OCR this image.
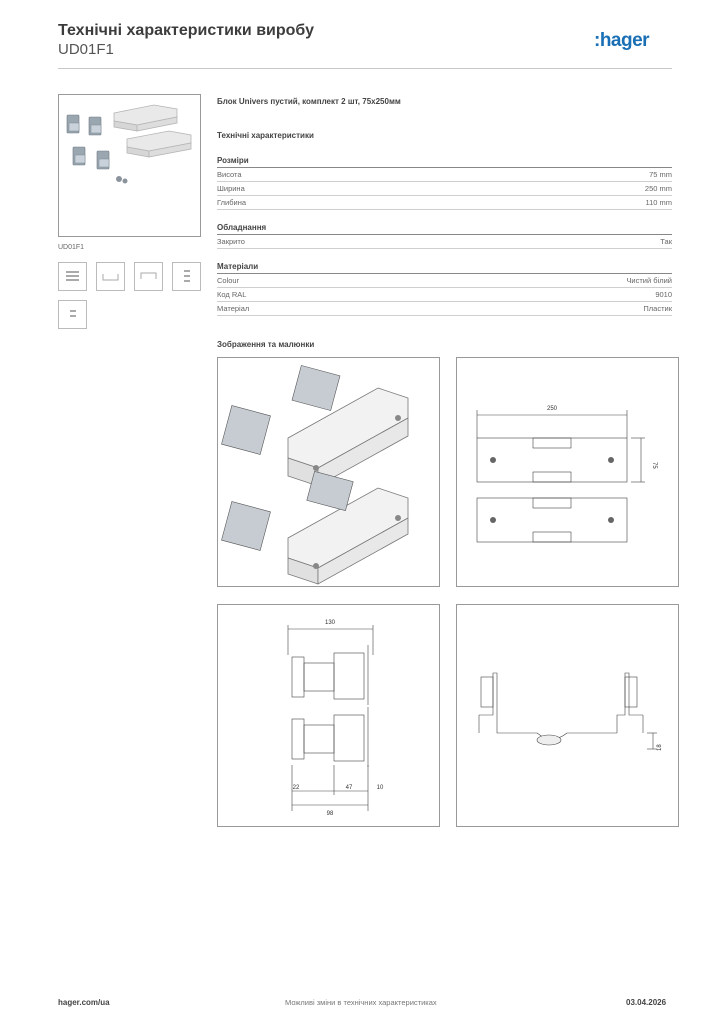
Технічні характеристики виробу
UD01F1	:hager
UD01F1
Блок Univers пустий, комплект 2 шт, 75x250мм
Технічні характеристики
Розміри
Висота	75 mm
Ширина	250 mm
Глибина	110 mm
Обладнання
Закрито	Так
Матеріали
Colour	Чистий білий
Код RAL	9010
Матеріал	Пластик
Зображення та малюнки
250
75
130
22	47	10
98
18
hager.com/ua	Можливі зміни в технічних характеристиках	03.04.2026
